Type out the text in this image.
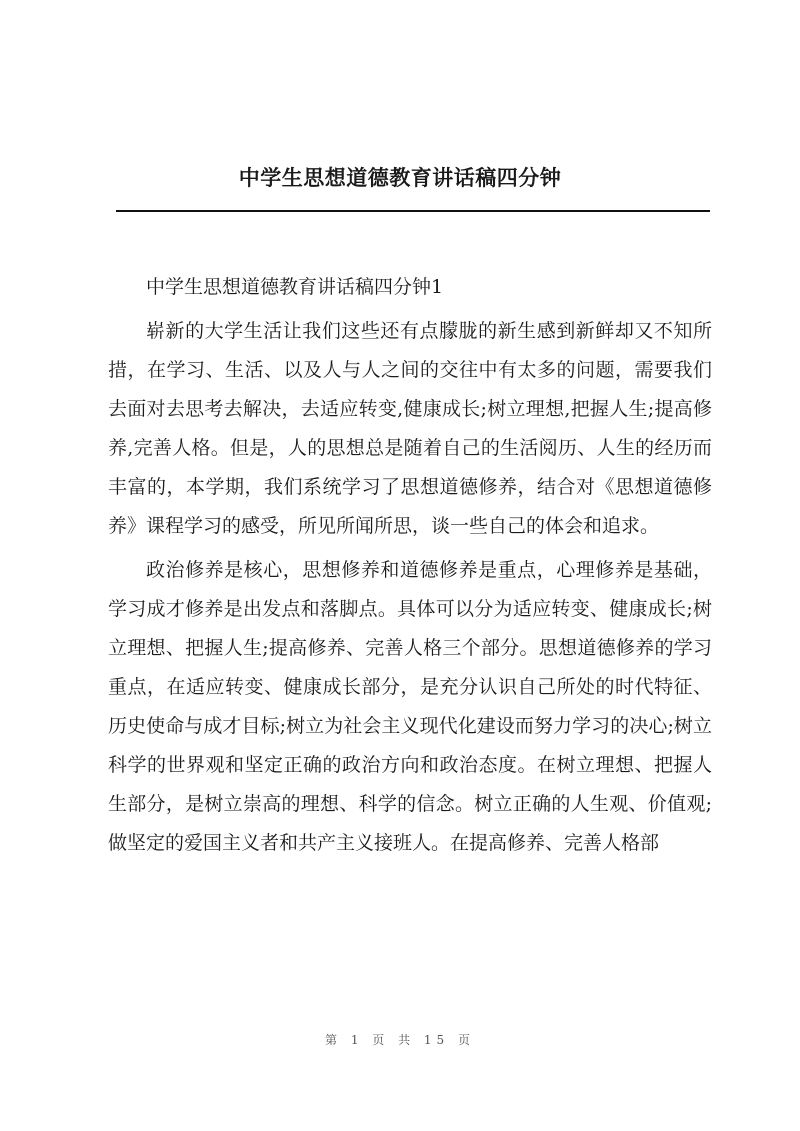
中学生思想道德教育讲话稿四分钟

中学生思想道德教育讲话稿四分钟1

崭新的大学生活让我们这些还有点朦胧的新生感到新鲜却又不知所措，在学习、生活、以及人与人之间的交往中有太多的问题，需要我们去面对去思考去解决，去适应转变,健康成长;树立理想,把握人生;提高修养,完善人格。但是，人的思想总是随着自己的生活阅历、人生的经历而丰富的，本学期，我们系统学习了思想道德修养，结合对《思想道德修养》课程学习的感受，所见所闻所思，谈一些自己的体会和追求。

政治修养是核心，思想修养和道德修养是重点，心理修养是基础，学习成才修养是出发点和落脚点。具体可以分为适应转变、健康成长;树立理想、把握人生;提高修养、完善人格三个部分。思想道德修养的学习重点，在适应转变、健康成长部分，是充分认识自己所处的时代特征、历史使命与成才目标;树立为社会主义现代化建设而努力学习的决心;树立科学的世界观和坚定正确的政治方向和政治态度。在树立理想、把握人生部分，是树立崇高的理想、科学的信念。树立正确的人生观、价值观;做坚定的爱国主义者和共产主义接班人。在提高修养、完善人格部

第 1 页 共 15 页
